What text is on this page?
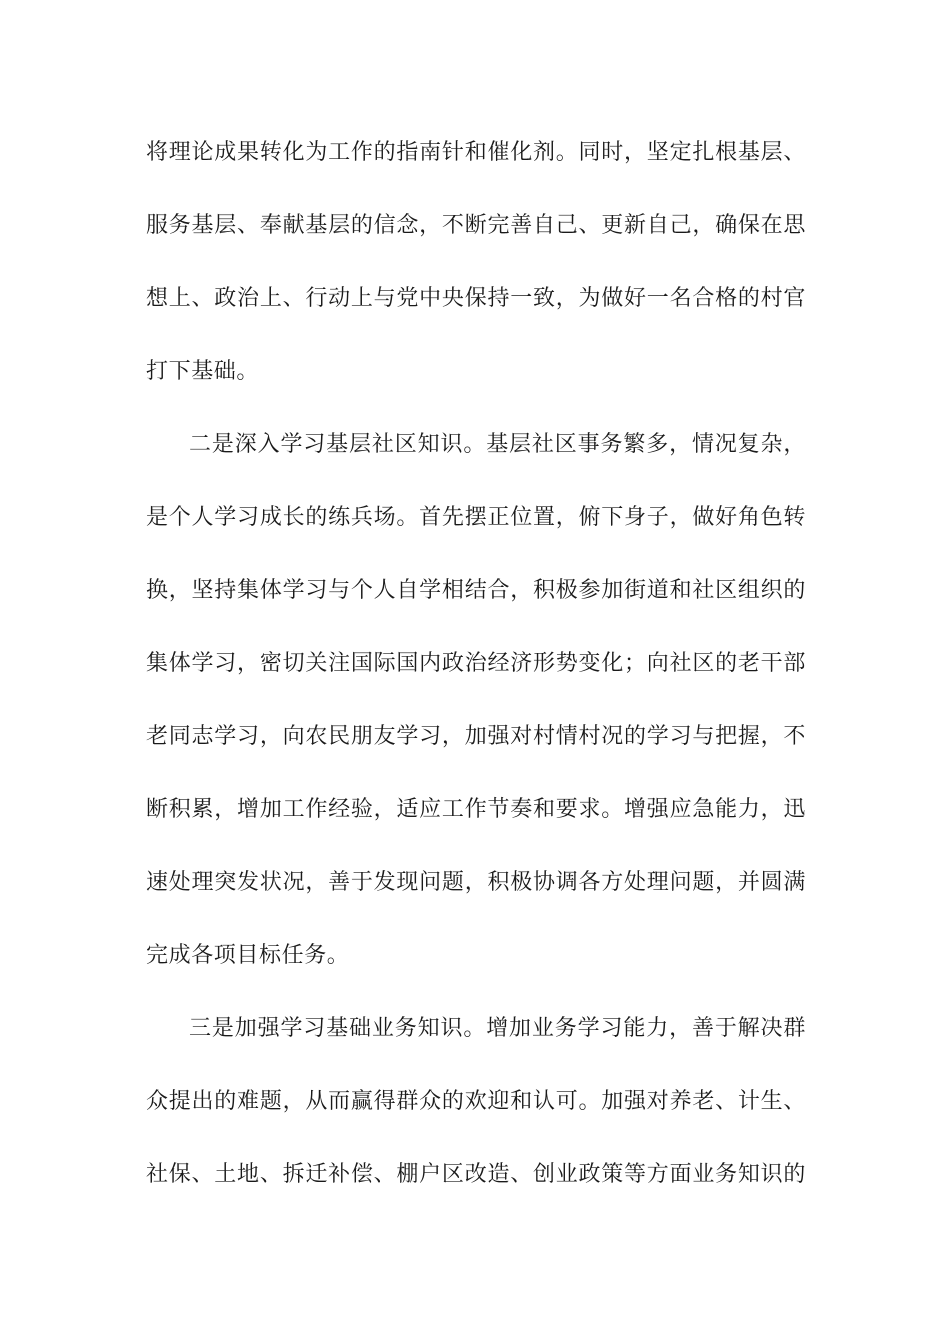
将理论成果转化为工作的指南针和催化剂。同时，坚定扎根基层、
服务基层、奉献基层的信念，不断完善自己、更新自己，确保在思
想上、政治上、行动上与党中央保持一致，为做好一名合格的村官
打下基础。
二是深入学习基层社区知识。基层社区事务繁多，情况复杂，
是个人学习成长的练兵场。首先摆正位置，俯下身子，做好角色转
换，坚持集体学习与个人自学相结合，积极参加街道和社区组织的
集体学习，密切关注国际国内政治经济形势变化；向社区的老干部
老同志学习，向农民朋友学习，加强对村情村况的学习与把握，不
断积累，增加工作经验，适应工作节奏和要求。增强应急能力，迅
速处理突发状况，善于发现问题，积极协调各方处理问题，并圆满
完成各项目标任务。
三是加强学习基础业务知识。增加业务学习能力，善于解决群
众提出的难题，从而赢得群众的欢迎和认可。加强对养老、计生、
社保、土地、拆迁补偿、棚户区改造、创业政策等方面业务知识的
